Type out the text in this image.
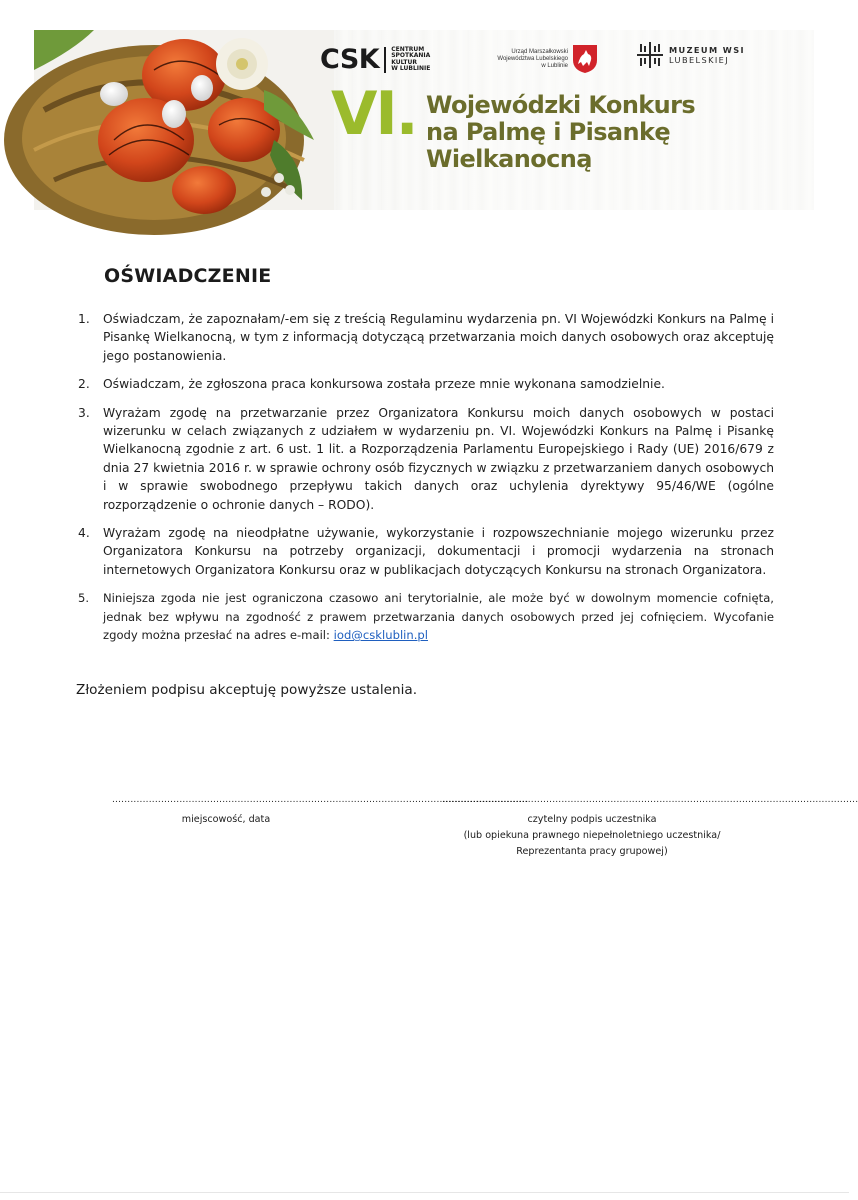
CSK CENTRUM
SPOTKANIA
KULTUR
W LUBLINIE
Urząd Marszałkowski
Województwa Lubelskiego
w Lublinie
MUZEUM WSI
LUBELSKIEJ
VI. Wojewódzki Konkurs
na Palmę i Pisankę
Wielkanocną
OŚWIADCZENIE
1. Oświadczam, że zapoznałam/-em się z treścią Regulaminu wydarzenia pn. VI Wojewódzki Konkurs na Palmę i Pisankę Wielkanocną, w tym z informacją dotyczącą przetwarzania moich danych osobowych oraz akceptuję jego postanowienia.
2. Oświadczam, że zgłoszona praca konkursowa została przeze mnie wykonana samodzielnie.
3. Wyrażam zgodę na przetwarzanie przez Organizatora Konkursu moich danych osobowych w postaci wizerunku w celach związanych z udziałem w wydarzeniu pn. VI. Wojewódzki Konkurs na Palmę i Pisankę Wielkanocną zgodnie z art. 6 ust. 1 lit. a Rozporządzenia Parlamentu Europejskiego i Rady (UE) 2016/679 z dnia 27 kwietnia 2016 r. w sprawie ochrony osób fizycznych w związku z przetwarzaniem danych osobowych i w sprawie swobodnego przepływu takich danych oraz uchylenia dyrektywy 95/46/WE (ogólne rozporządzenie o ochronie danych – RODO).
4. Wyrażam zgodę na nieodpłatne używanie, wykorzystanie i rozpowszechnianie mojego wizerunku przez Organizatora Konkursu na potrzeby organizacji, dokumentacji i promocji wydarzenia na stronach internetowych Organizatora Konkursu oraz w publikacjach dotyczących Konkursu na stronach Organizatora.
5. Niniejsza zgoda nie jest ograniczona czasowo ani terytorialnie, ale może być w dowolnym momencie cofnięta, jednak bez wpływu na zgodność z prawem przetwarzania danych osobowych przed jej cofnięciem. Wycofanie zgody można przesłać na adres e-mail: iod@csklublin.pl

Złożeniem podpisu akceptuję powyższe ustalenia.

........................................................................................................................................
miejscowość, data
........................................................................................................................................
czytelny podpis uczestnika
(lub opiekuna prawnego niepełnoletniego uczestnika/
Reprezentanta pracy grupowej)
